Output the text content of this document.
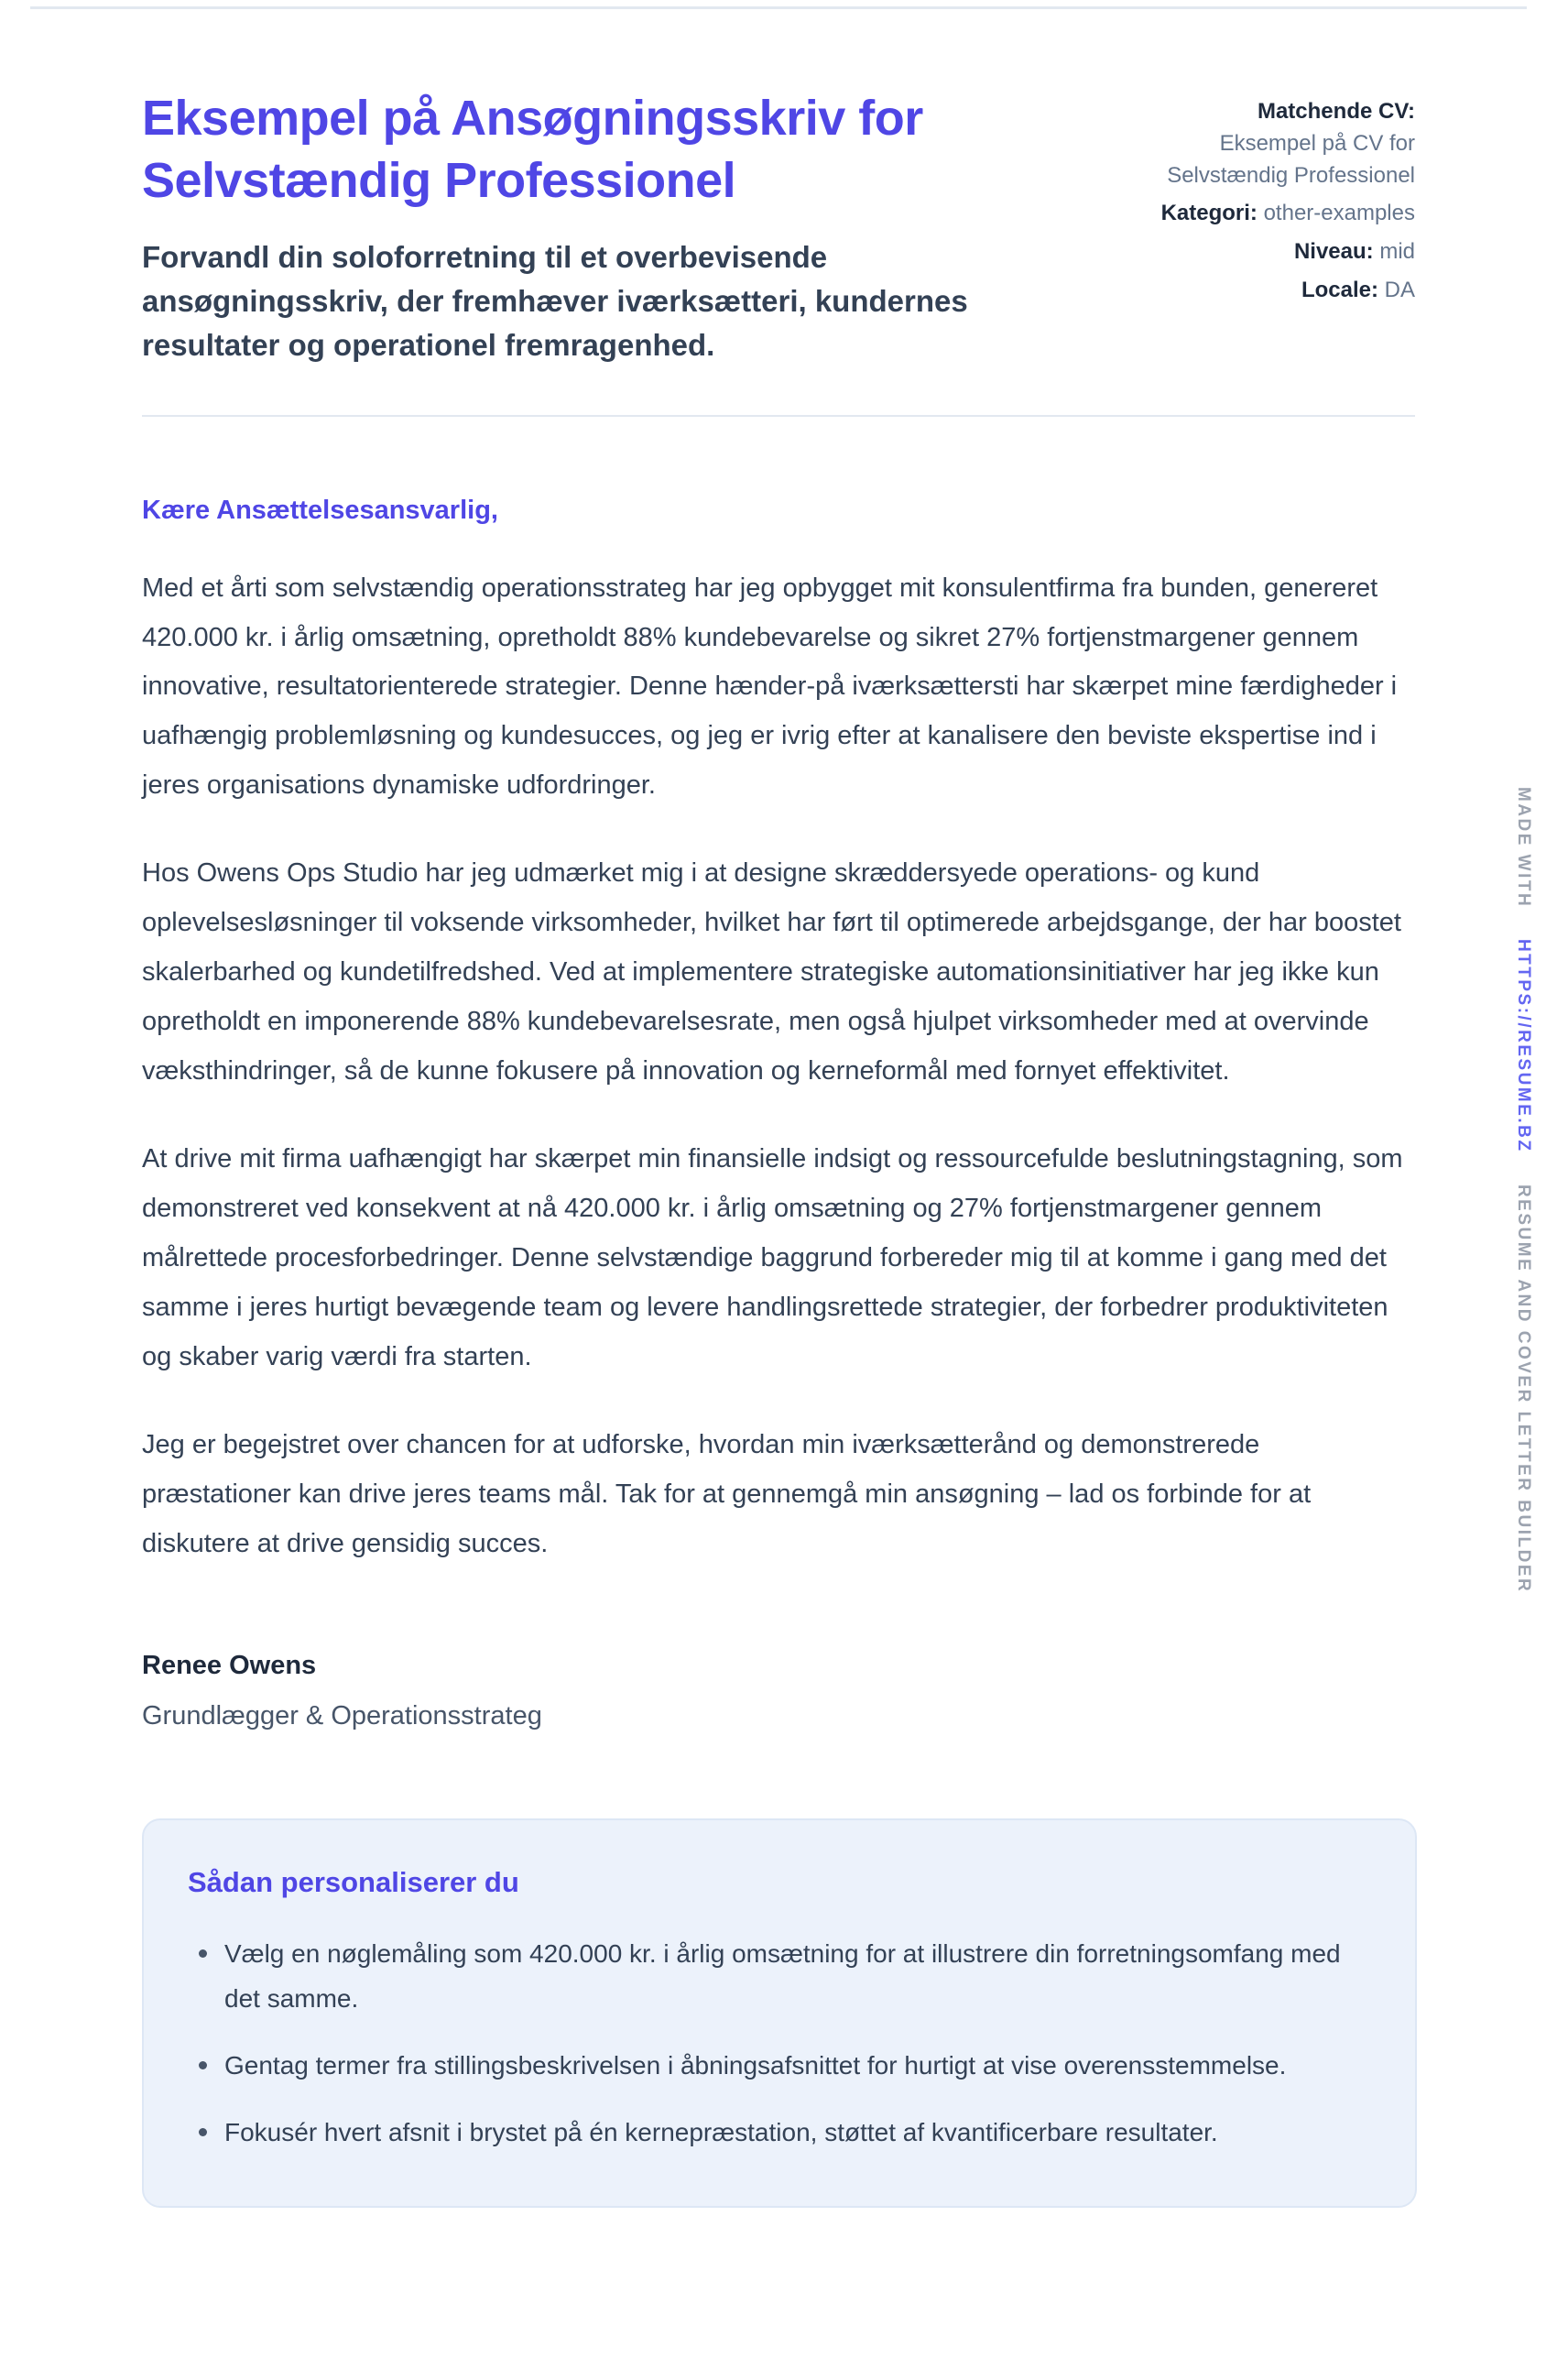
Eksempel på Ansøgningsskriv for Selvstændig Professionel

Forvandl din soloforretning til et overbevisende ansøgningsskriv, der fremhæver iværksætteri, kundernes resultater og operationel fremragenhed.

Matchende CV:
Eksempel på CV for Selvstændig Professionel
Kategori: other-examples
Niveau: mid
Locale: DA

Kære Ansættelsesansvarlig,

Med et årti som selvstændig operationsstrateg har jeg opbygget mit konsulentfirma fra bunden, genereret 420.000 kr. i årlig omsætning, opretholdt 88% kundebevarelse og sikret 27% fortjenstmargener gennem innovative, resultatorienterede strategier. Denne hænder-på iværksættersti har skærpet mine færdigheder i uafhængig problemløsning og kundesucces, og jeg er ivrig efter at kanalisere den beviste ekspertise ind i jeres organisations dynamiske udfordringer.

Hos Owens Ops Studio har jeg udmærket mig i at designe skræddersyede operations- og kund oplevelsesløsninger til voksende virksomheder, hvilket har ført til optimerede arbejdsgange, der har boostet skalerbarhed og kundetilfredshed. Ved at implementere strategiske automationsinitiativer har jeg ikke kun opretholdt en imponerende 88% kundebevarelsesrate, men også hjulpet virksomheder med at overvinde væksthindringer, så de kunne fokusere på innovation og kerneformål med fornyet effektivitet.

At drive mit firma uafhængigt har skærpet min finansielle indsigt og ressourcefulde beslutningstagning, som demonstreret ved konsekvent at nå 420.000 kr. i årlig omsætning og 27% fortjenstmargener gennem målrettede procesforbedringer. Denne selvstændige baggrund forbereder mig til at komme i gang med det samme i jeres hurtigt bevægende team og levere handlingsrettede strategier, der forbedrer produktiviteten og skaber varig værdi fra starten.

Jeg er begejstret over chancen for at udforske, hvordan min iværksætterånd og demonstrerede præstationer kan drive jeres teams mål. Tak for at gennemgå min ansøgning – lad os forbinde for at diskutere at drive gensidig succes.

Renee Owens

Grundlægger & Operationsstrateg

Sådan personaliserer du
Vælg en nøglemåling som 420.000 kr. i årlig omsætning for at illustrere din forretningsomfang med det samme.
Gentag termer fra stillingsbeskrivelsen i åbningsafsnittet for hurtigt at vise overensstemmelse.
Fokusér hvert afsnit i brystet på én kernepræstation, støttet af kvantificerbare resultater.
MADE WITH
HTTPS://RESUME.BZ
RESUME AND COVER LETTER BUILDER
